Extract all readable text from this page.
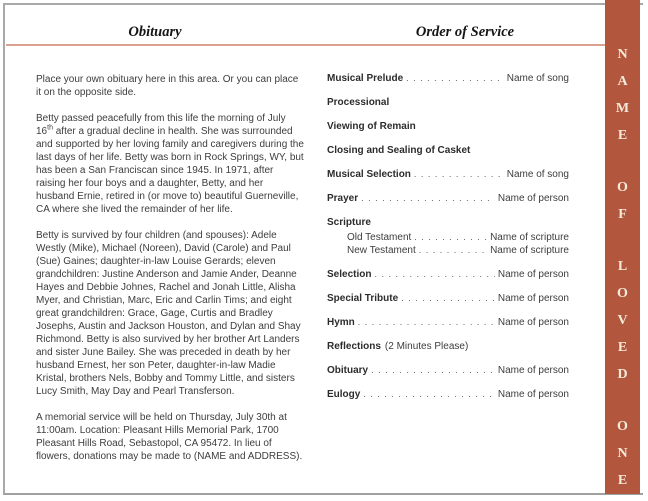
Obituary	Order of Service

Place your own obituary here in this area. Or you can place it on the opposite side.

Betty passed peacefully from this life the morning of July 16th after a gradual decline in health. She was surrounded and supported by her loving family and caregivers during the last days of her life. Betty was born in Rock Springs, WY, but has been a San Franciscan since 1945. In 1971, after raising her four boys and a daughter, Betty, and her husband Ernie, retired in (or move to) beautiful Guerneville, CA where she lived the remainder of her life.

Betty is survived by four children (and spouses): Adele Westly (Mike), Michael (Noreen), David (Carole) and Paul (Sue) Gaines; daughter-in-law Louise Gerards; eleven grandchildren: Justine Anderson and Jamie Ander, Deanne Hayes and Debbie Johnes, Rachel and Jonah Little, Alisha Myer, and Christian, Marc, Eric and Carlin Tims; and eight great grandchildren: Grace, Gage, Curtis and Bradley Josephs, Austin and Jackson Houston, and Dylan and Shay Richmond. Betty is also survived by her brother Art Landers and sister June Bailey. She was preceded in death by her husband Ernest, her son Peter, daughter-in-law Madie Kristal, brothers Nels, Bobby and Tommy Little, and sisters Lucy Smith, May Day and Pearl Transferson.

A memorial service will be held on Thursday, July 30th at 11:00am. Location: Pleasant Hills Memorial Park, 1700 Pleasant Hills Road, Sebastopol, CA 95472. In lieu of flowers, donations may be made to (NAME and ADDRESS).

Musical Prelude . . .	Name of song
Processional
Viewing of Remain
Closing and Sealing of Casket
Musical Selection . . .	Name of song
Prayer . . .	Name of person
Scripture
Old Testament . . .	Name of scripture
New Testament . . .	Name of scripture
Selection . . .	Name of person
Special Tribute . . .	Name of person
Hymn . . .	Name of person
Reflections (2 Minutes Please)
Obituary . . .	Name of person
Eulogy . . .	Name of person
N
A
M
E
O
F
L
O
V
E
D
O
N
E
